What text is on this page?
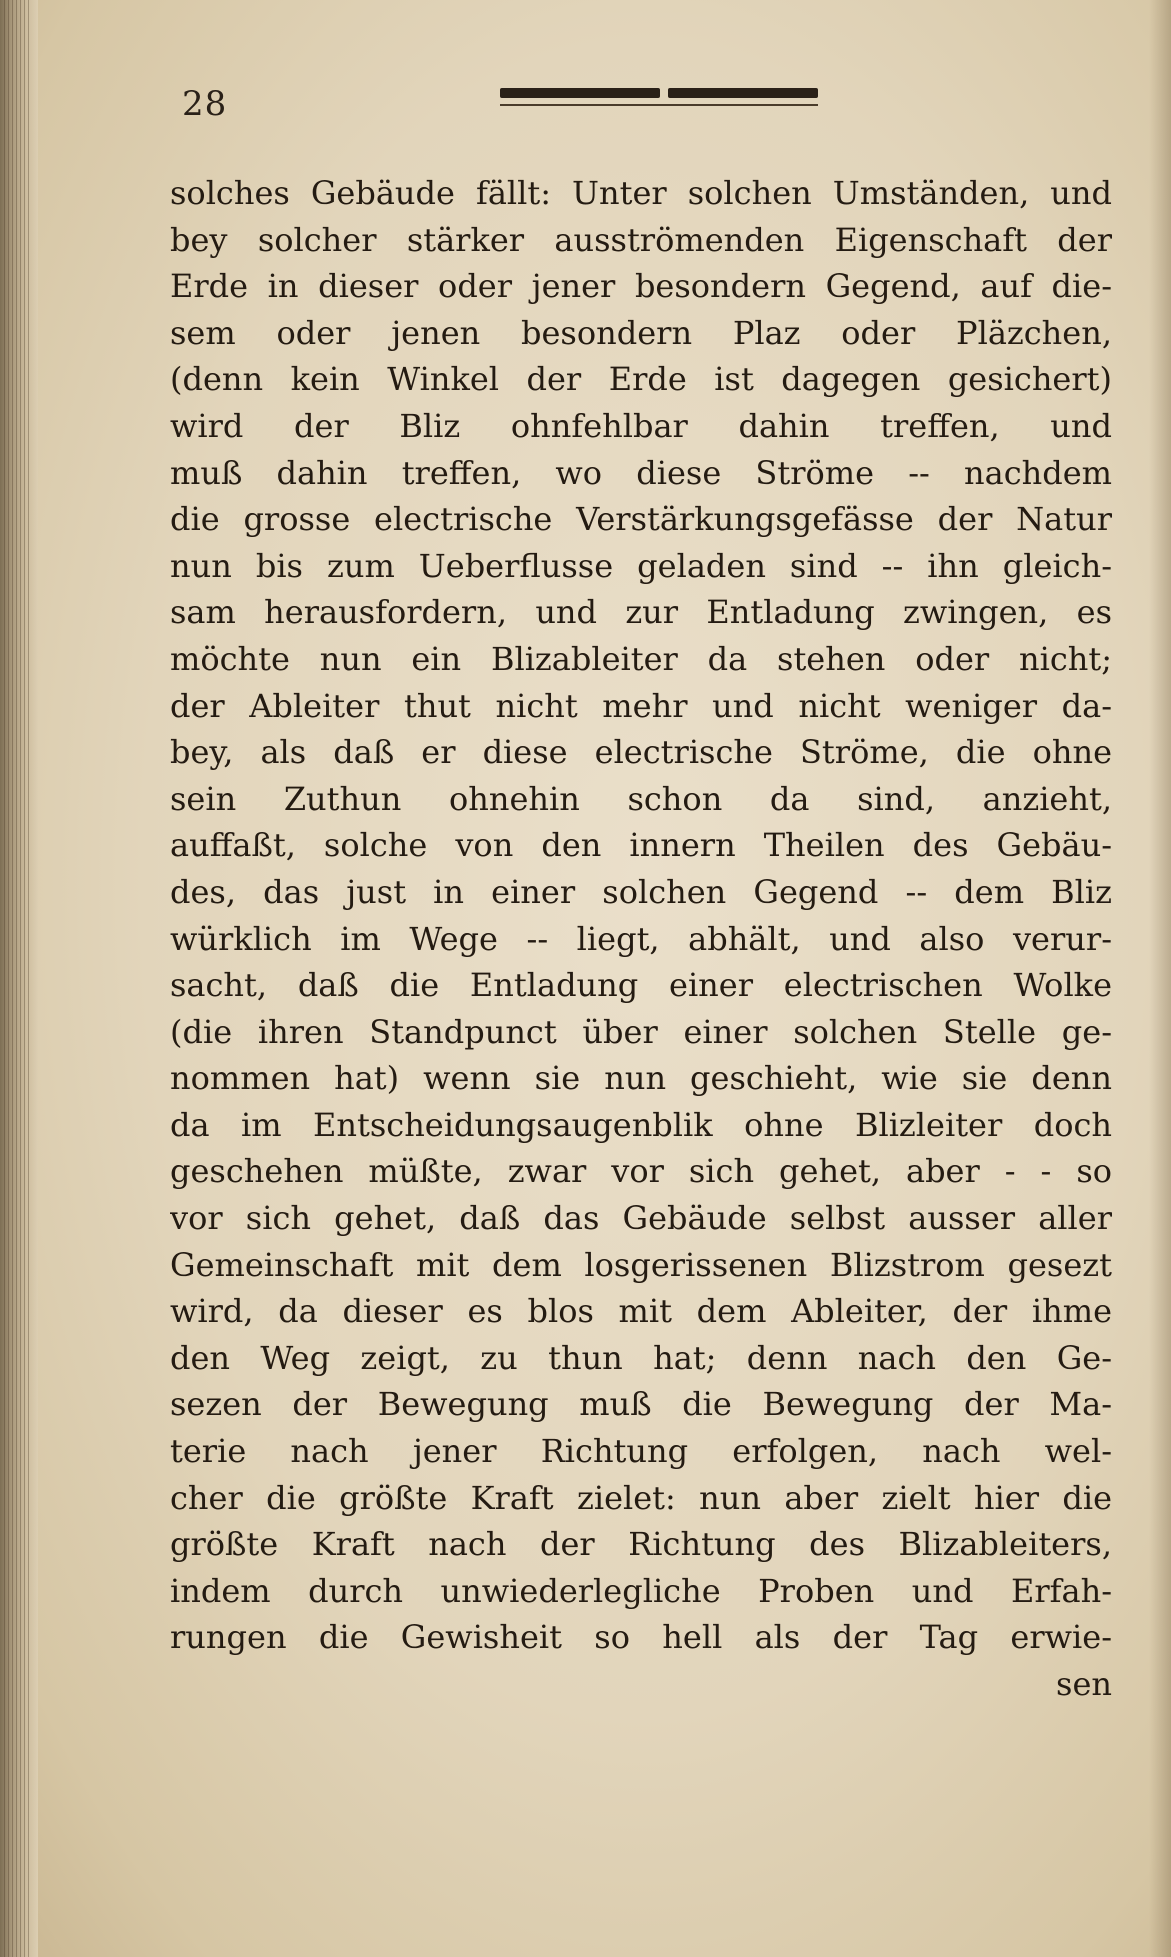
28
solches Gebäude fällt: Unter solchen Umständen, und
bey solcher stärker ausströmenden Eigenschaft der
Erde in dieser oder jener besondern Gegend, auf die-
sem oder jenen besondern Plaz oder Pläzchen,
(denn kein Winkel der Erde ist dagegen gesichert)
wird der Bliz ohnfehlbar dahin treffen, und
muß dahin treffen, wo diese Ströme -- nachdem
die grosse electrische Verstärkungsgefässe der Natur
nun bis zum Ueberflusse geladen sind -- ihn gleich-
sam herausfordern, und zur Entladung zwingen, es
möchte nun ein Blizableiter da stehen oder nicht;
der Ableiter thut nicht mehr und nicht weniger da-
bey, als daß er diese electrische Ströme, die ohne
sein Zuthun ohnehin schon da sind, anzieht,
auffaßt, solche von den innern Theilen des Gebäu-
des, das just in einer solchen Gegend -- dem Bliz
würklich im Wege -- liegt, abhält, und also verur-
sacht, daß die Entladung einer electrischen Wolke
(die ihren Standpunct über einer solchen Stelle ge-
nommen hat) wenn sie nun geschieht, wie sie denn
da im Entscheidungsaugenblik ohne Blizleiter doch
geschehen müßte, zwar vor sich gehet, aber - - so
vor sich gehet, daß das Gebäude selbst ausser aller
Gemeinschaft mit dem losgerissenen Blizstrom gesezt
wird, da dieser es blos mit dem Ableiter, der ihme
den Weg zeigt, zu thun hat; denn nach den Ge-
sezen der Bewegung muß die Bewegung der Ma-
terie nach jener Richtung erfolgen, nach wel-
cher die größte Kraft zielet: nun aber zielt hier die
größte Kraft nach der Richtung des Blizableiters,
indem durch unwiederlegliche Proben und Erfah-
rungen die Gewisheit so hell als der Tag erwie-
sen
